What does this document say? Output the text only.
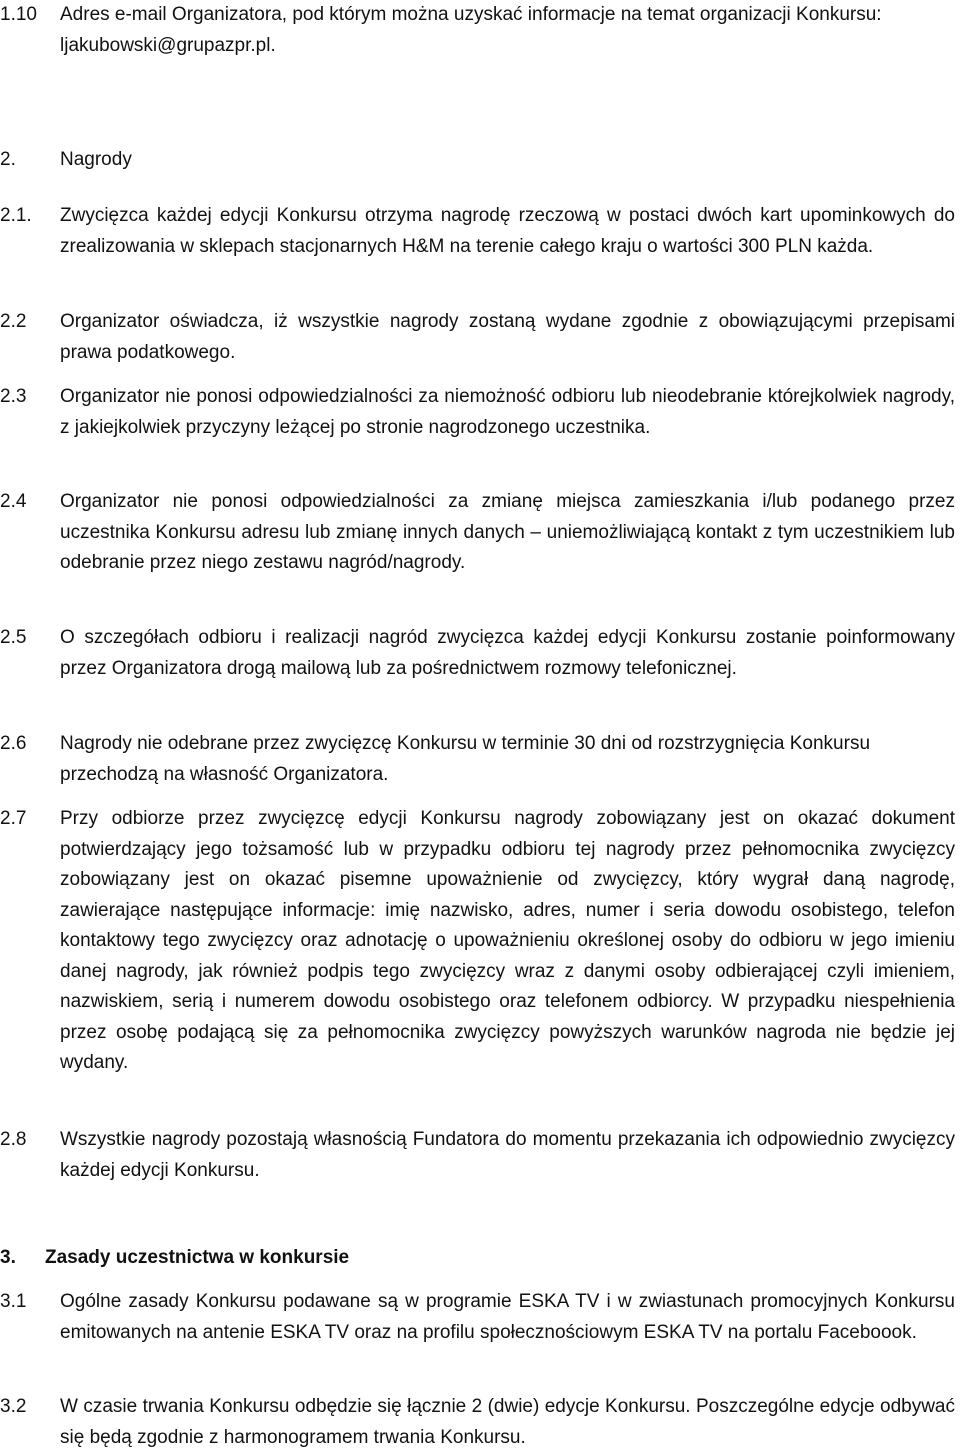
1.10	Adres e-mail Organizatora, pod którym można uzyskać informacje na temat organizacji Konkursu: ljakubowski@grupazpr.pl.
2. Nagrody
2.1.	Zwycięzca każdej edycji Konkursu otrzyma nagrodę rzeczową w postaci dwóch kart upominkowych do zrealizowania w sklepach stacjonarnych H&M na terenie całego kraju o wartości 300 PLN każda.
2.2	Organizator oświadcza, iż wszystkie nagrody zostaną wydane zgodnie z obowiązującymi przepisami prawa podatkowego.
2.3	Organizator nie ponosi odpowiedzialności za niemożność odbioru lub nieodebranie którejkolwiek nagrody, z jakiejkolwiek przyczyny leżącej po stronie nagrodzonego uczestnika.
2.4	Organizator nie ponosi odpowiedzialności za zmianę miejsca zamieszkania i/lub podanego przez uczestnika Konkursu adresu lub zmianę innych danych – uniemożliwiającą kontakt z tym uczestnikiem lub odebranie przez niego zestawu nagród/nagrody.
2.5	O szczegółach odbioru i realizacji nagród zwycięzca każdej edycji Konkursu zostanie poinformowany przez Organizatora drogą mailową lub za pośrednictwem rozmowy telefonicznej.
2.6	Nagrody nie odebrane przez zwycięzcę Konkursu w terminie 30 dni od rozstrzygnięcia Konkursu przechodzą na własność Organizatora.
2.7	Przy odbiorze przez zwycięzcę edycji Konkursu nagrody zobowiązany jest on okazać dokument potwierdzający jego tożsamość lub w przypadku odbioru tej nagrody przez pełnomocnika zwycięzcy zobowiązany jest on okazać pisemne upoważnienie od zwycięzcy, który wygrał daną nagrodę, zawierające następujące informacje: imię nazwisko, adres, numer i seria dowodu osobistego, telefon kontaktowy tego zwycięzcy oraz adnotację o upoważnieniu określonej osoby do odbioru w jego imieniu danej nagrody, jak również podpis tego zwycięzcy wraz z danymi osoby odbierającej czyli imieniem, nazwiskiem, serią i numerem dowodu osobistego oraz telefonem odbiorcy. W przypadku niespełnienia przez osobę podającą się za pełnomocnika zwycięzcy powyższych warunków nagroda nie będzie jej wydany.
2.8	Wszystkie nagrody pozostają własnością Fundatora do momentu przekazania ich odpowiednio zwycięzcy każdej edycji Konkursu.
3. Zasady uczestnictwa w konkursie
3.1	Ogólne zasady Konkursu podawane są w programie ESKA TV i w zwiastunach promocyjnych Konkursu emitowanych na antenie ESKA TV oraz na profilu społecznościowym ESKA TV na portalu Faceboook.
3.2	W czasie trwania Konkursu odbędzie się łącznie 2 (dwie) edycje Konkursu. Poszczególne edycje odbywać się będą zgodnie z harmonogramem trwania Konkursu.
